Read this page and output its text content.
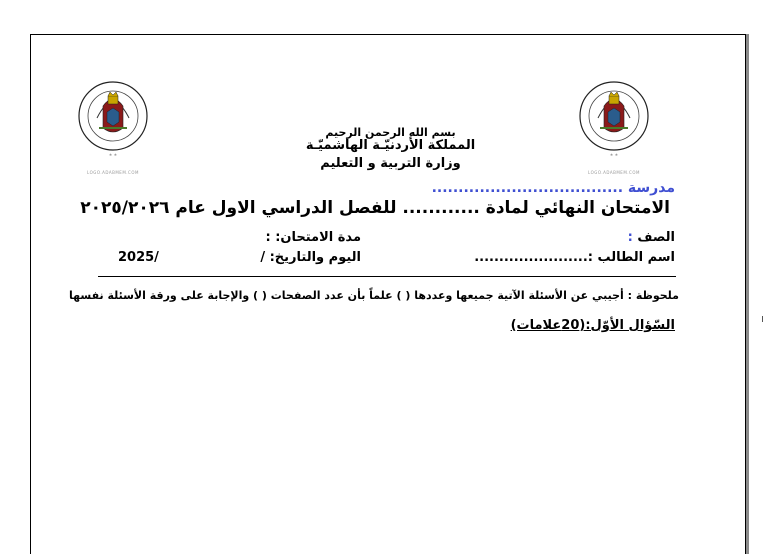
★ ★
LOGO.ADABMEM.COM
★ ★
LOGO.ADABMEM.COM
بسم الله الرحمن الرحيم
المملكة الأردنيّـة الهاشميّـة
وزارة التربية و التعليم
مدرسة ....................................
الامتحان النهائي لمادة ............ للفصل الدراسي الاول عام ٢٠٢٥/٢٠٢٦
الصف :
مدة الامتحان: :
اسم الطالب :.......................
اليوم والتاريخ: /
2025/
ملحوظة : أجيبي عن الأسئلة الآتية جميعها وعددها ( ) علماً بأن عدد الصفحات ( ) والإجابة على ورقة الأسئلة نفسها
السّؤال الأوّل:(20علامات)
